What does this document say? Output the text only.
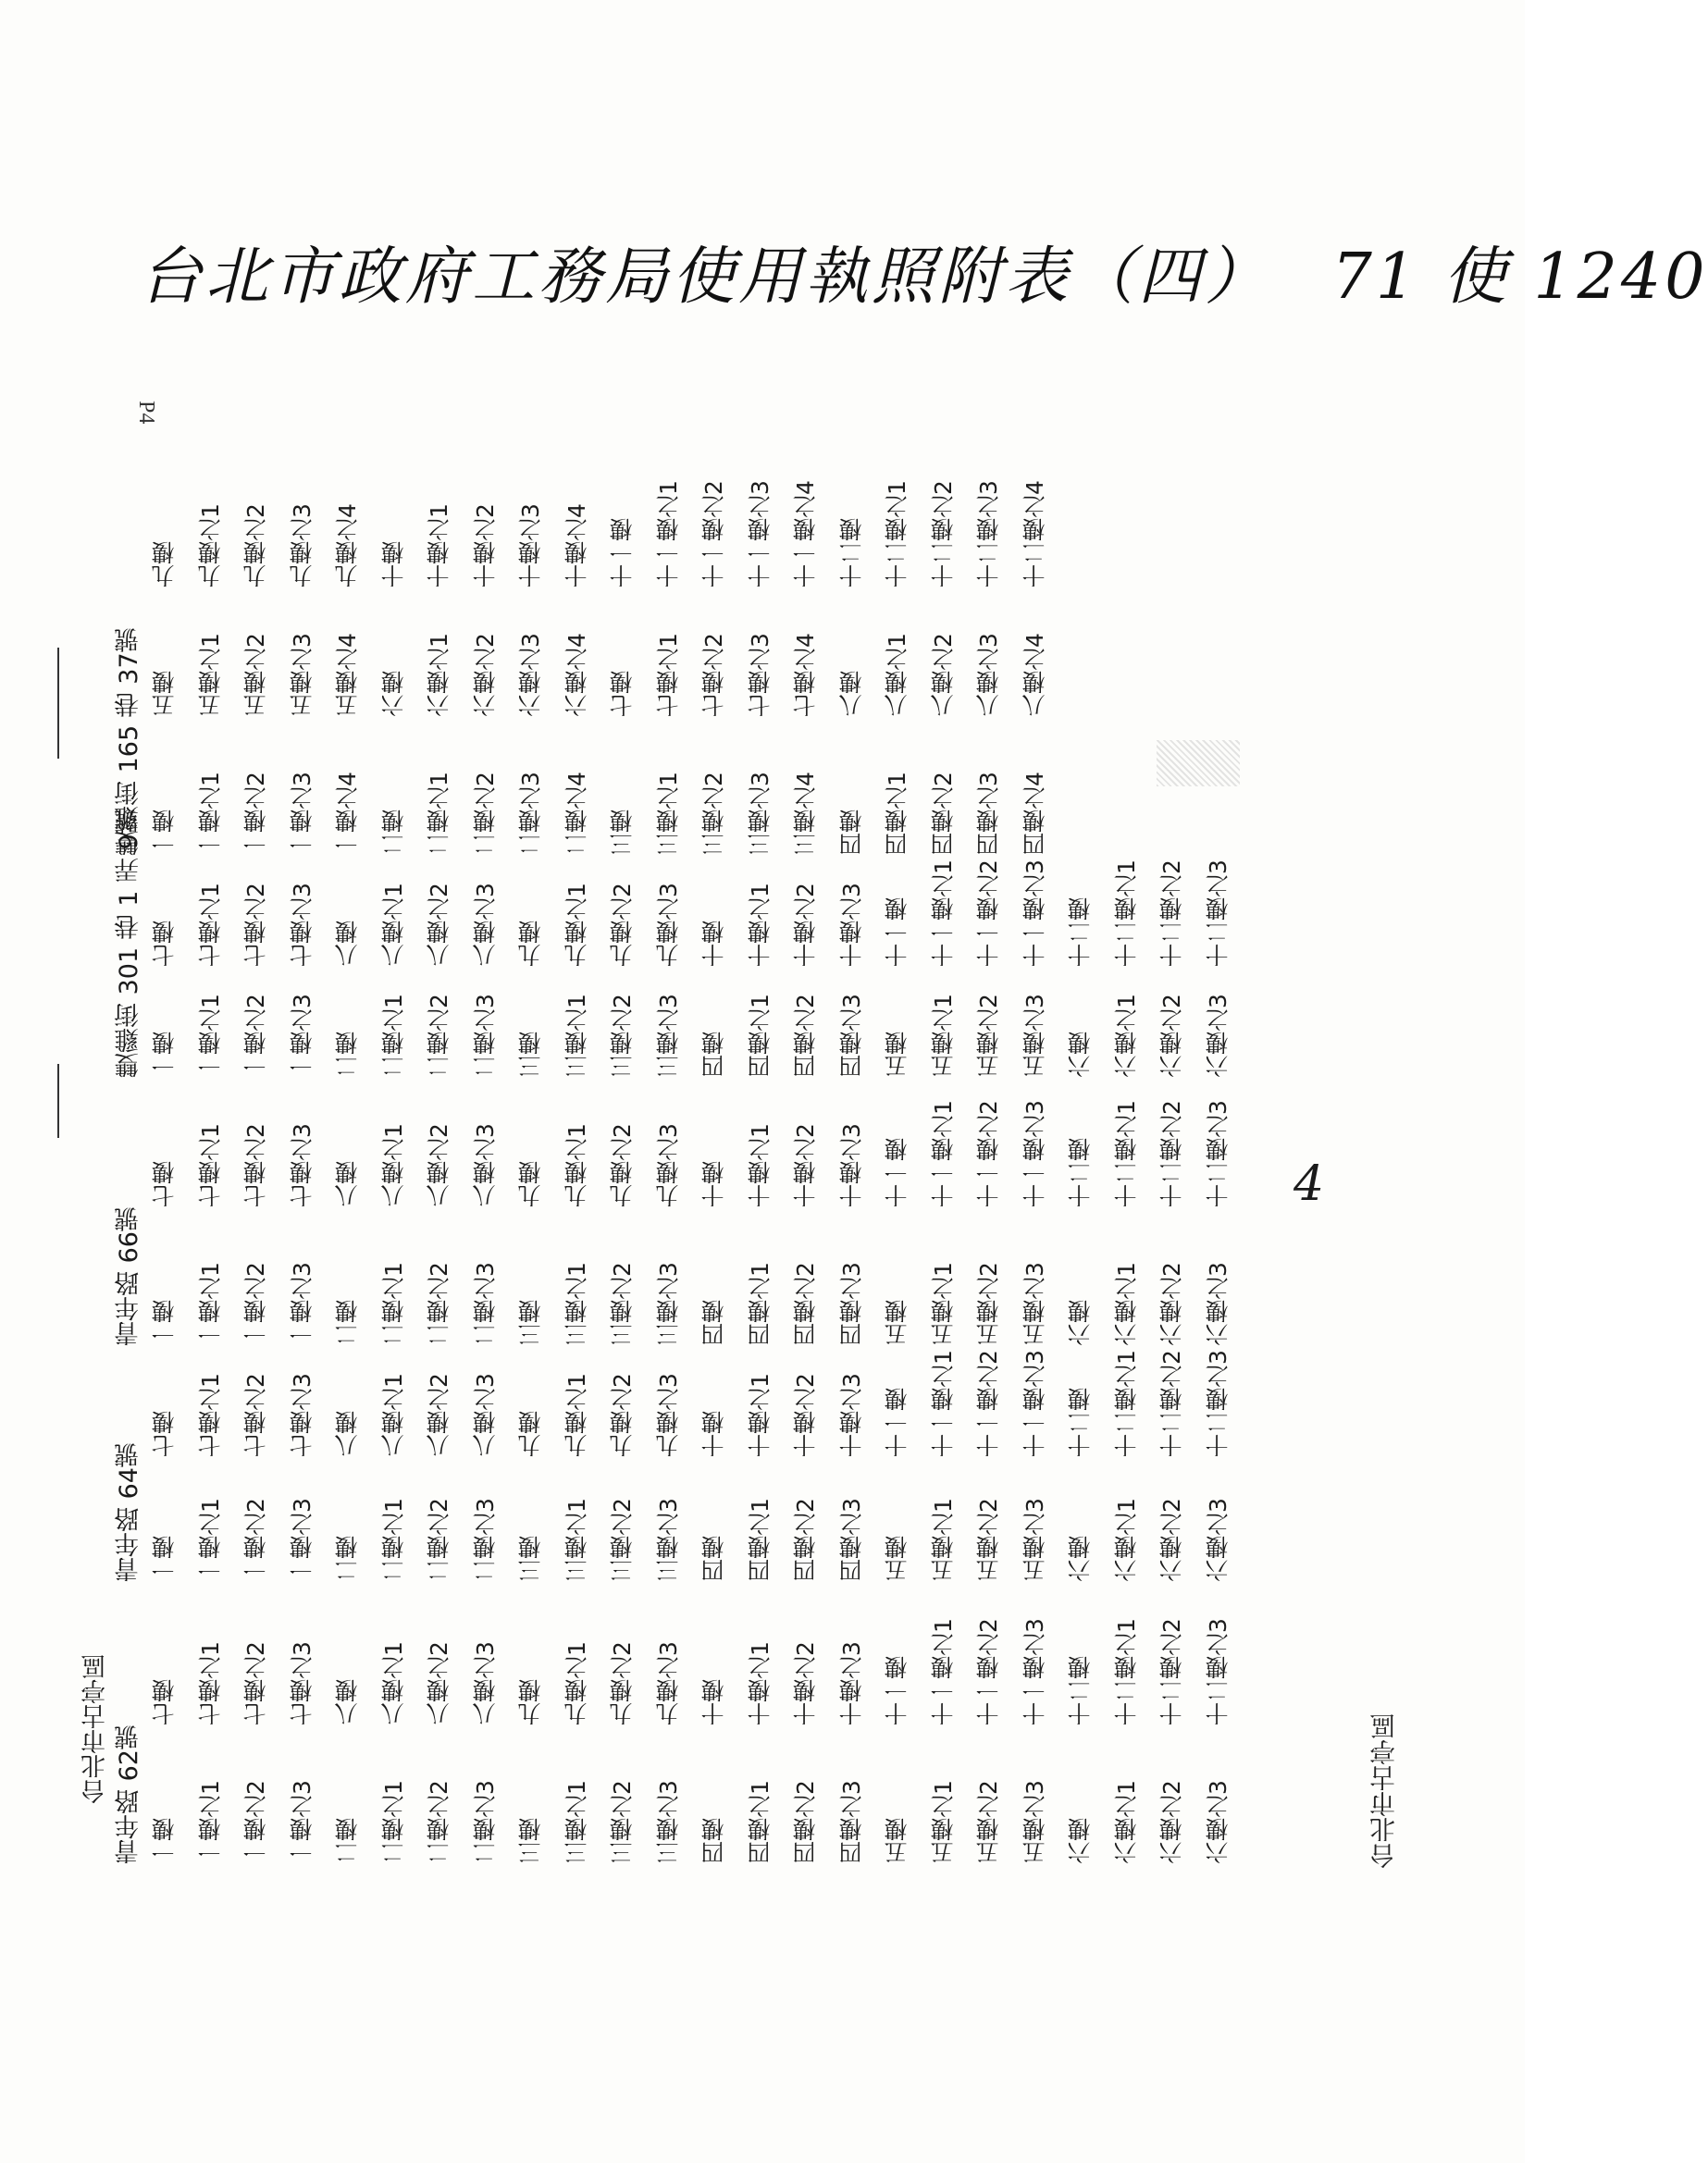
台北市政府工務局使用執照附表（四） 71 使 1240
P4
4
台北市古亭區
青年路 62號
台北市古亭區
一樓 一樓之1 一樓之2 一樓之3 二樓 二樓之1 二樓之2 二樓之3 三樓 三樓之1 三樓之2 三樓之3 四樓 四樓之1 四樓之2 四樓之3 五樓 五樓之1 五樓之2 五樓之3 六樓 六樓之1 六樓之2 六樓之3
七樓 七樓之1 七樓之2 七樓之3 八樓 八樓之1 八樓之2 八樓之3 九樓 九樓之1 九樓之2 九樓之3 十樓 十樓之1 十樓之2 十樓之3 十一樓 十一樓之1 十一樓之2 十一樓之3 十二樓 十二樓之1 十二樓之2 十二樓之3
青年路 64號 一樓 一樓之1 一樓之2 一樓之3 二樓 二樓之1 二樓之2 二樓之3 三樓 三樓之1 三樓之2 三樓之3 四樓 四樓之1 四樓之2 四樓之3 五樓 五樓之1 五樓之2 五樓之3 六樓 六樓之1 六樓之2 六樓之3
七樓 七樓之1 七樓之2 七樓之3 八樓 八樓之1 八樓之2 八樓之3 九樓 九樓之1 九樓之2 九樓之3 十樓 十樓之1 十樓之2 十樓之3 十一樓 十一樓之1 十一樓之2 十一樓之3 十二樓 十二樓之1 十二樓之2 十二樓之3
青年路 66號 一樓 一樓之1 一樓之2 一樓之3 二樓 二樓之1 二樓之2 二樓之3 三樓 三樓之1 三樓之2 三樓之3 四樓 四樓之1 四樓之2 四樓之3 五樓 五樓之1 五樓之2 五樓之3 六樓 六樓之1 六樓之2 六樓之3
七樓 七樓之1 七樓之2 七樓之3 八樓 八樓之1 八樓之2 八樓之3 九樓 九樓之1 九樓之2 九樓之3 十樓 十樓之1 十樓之2 十樓之3 十一樓 十一樓之1 十一樓之2 十一樓之3 十二樓 十二樓之1 十二樓之2 十二樓之3
雙雞街 301 巷 1 弄 9號 一樓 一樓之1 一樓之2 一樓之3 二樓 二樓之1 二樓之2 二樓之3 三樓 三樓之1 三樓之2 三樓之3 四樓 四樓之1 四樓之2 四樓之3 五樓 五樓之1 五樓之2 五樓之3 六樓 六樓之1 六樓之2 六樓之3
七樓 七樓之1 七樓之2 七樓之3 八樓 八樓之1 八樓之2 八樓之3 九樓 九樓之1 九樓之2 九樓之3 十樓 十樓之1 十樓之2 十樓之3 十一樓 十一樓之1 十一樓之2 十一樓之3 十二樓 十二樓之1 十二樓之2 十二樓之3
雙雞街 165 巷 37號 一樓 一樓之1 一樓之2 一樓之3 一樓之4 二樓 二樓之1 二樓之2 二樓之3 二樓之4 三樓 三樓之1 三樓之2 三樓之3 三樓之4 四樓 四樓之1 四樓之2 四樓之3 四樓之4
五樓 五樓之1 五樓之2 五樓之3 五樓之4 六樓 六樓之1 六樓之2 六樓之3 六樓之4 七樓 七樓之1 七樓之2 七樓之3 七樓之4 八樓 八樓之1 八樓之2 八樓之3 八樓之4
九樓 九樓之1 九樓之2 九樓之3 九樓之4 十樓 十樓之1 十樓之2 十樓之3 十樓之4 十一樓 十一樓之1 十一樓之2 十一樓之3 十一樓之4 十二樓 十二樓之1 十二樓之2 十二樓之3 十二樓之4
